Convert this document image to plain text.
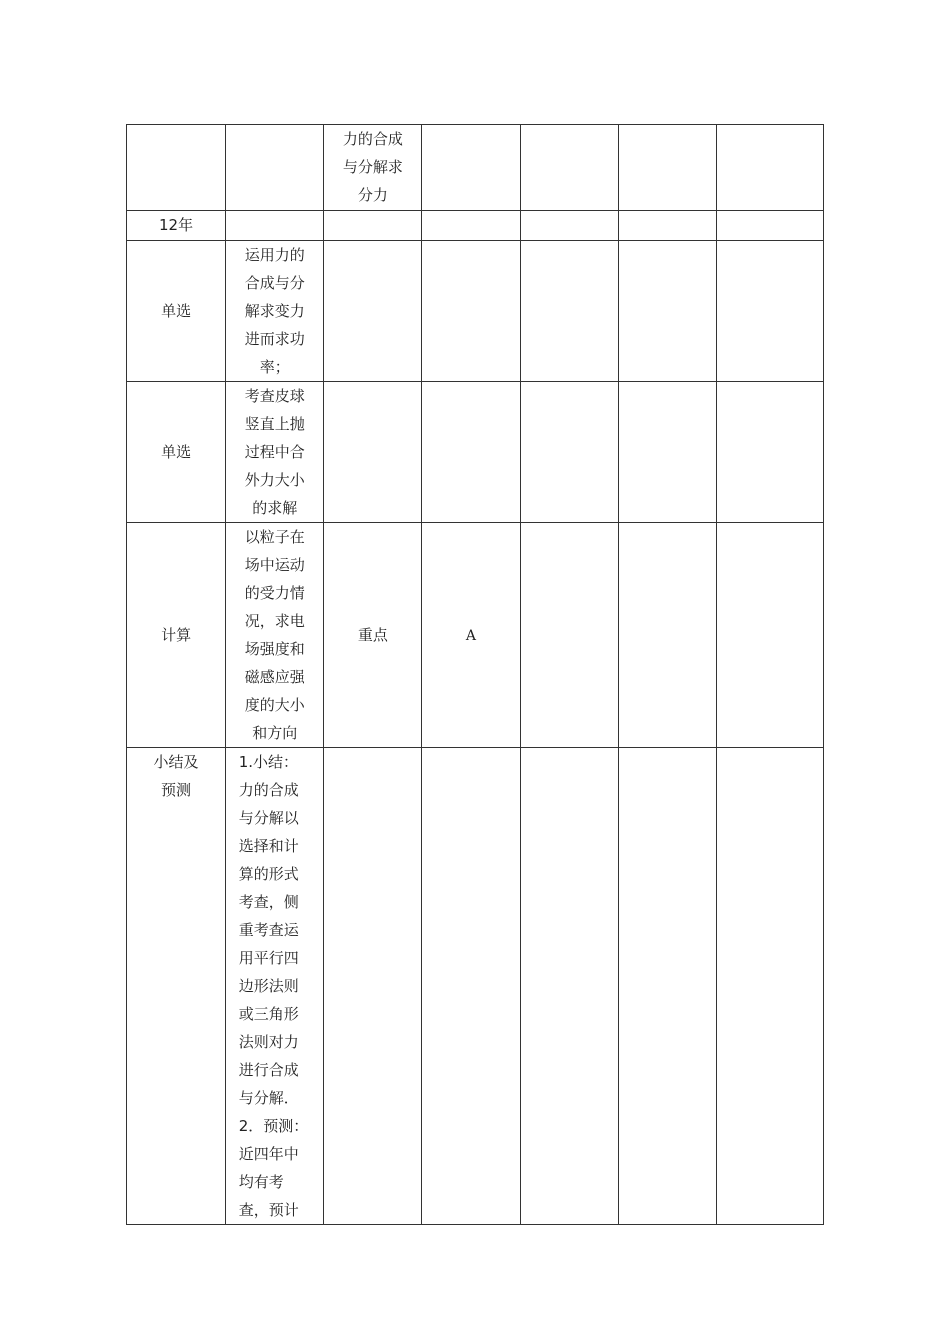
		力的合成与分解求分力				
12年						
单选	运用力的合成与分解求变力进而求功率；					
单选	考查皮球竖直上抛过程中合外力大小的求解					
计算	以粒子在场中运动的受力情况，求电场强度和磁感应强度的大小和方向	重点	A			
小结及预测	1.小结：力的合成与分解以选择和计算的形式考查，侧重考查运用平行四边形法则或三角形法则对力进行合成与分解．2．预测：近四年中均有考查，预计					
